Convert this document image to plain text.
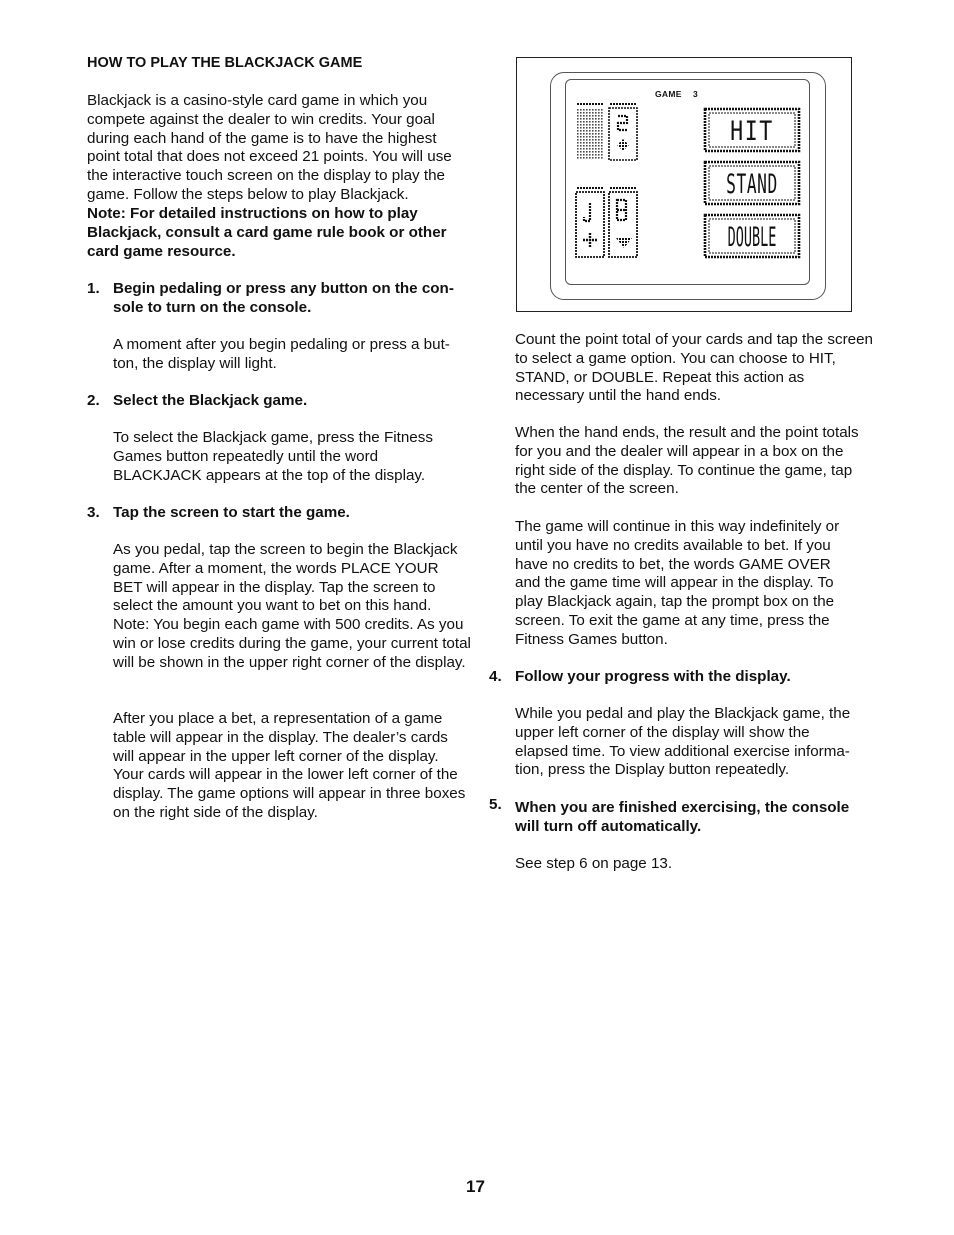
HOW TO PLAY THE BLACKJACK GAME

Blackjack is a casino-style card game in which you compete against the dealer to win credits. Your goal during each hand of the game is to have the highest point total that does not exceed 21 points. You will use the interactive touch screen on the display to play the game. Follow the steps below to play Blackjack.

Note: For detailed instructions on how to play Blackjack, consult a card game rule book or other card game resource.

1. Begin pedaling or press any button on the con- sole to turn on the console.

A moment after you begin pedaling or press a but- ton, the display will light.

2. Select the Blackjack game.

To select the Blackjack game, press the Fitness Games button repeatedly until the word BLACKJACK appears at the top of the display.

3. Tap the screen to start the game.

As you pedal, tap the screen to begin the Blackjack game. After a moment, the words PLACE YOUR BET will appear in the display. Tap the screen to select the amount you want to bet on this hand. Note: You begin each game with 500 credits. As you win or lose credits during the game, your current total will be shown in the upper right corner of the display.

After you place a bet, a representation of a game table will appear in the display. The dealer’s cards will appear in the upper left corner of the display. Your cards will appear in the lower left corner of the display. The game options will appear in three boxes on the right side of the display.

GAME 3
HIT
STAND
DOUBLE

Count the point total of your cards and tap the screen to select a game option. You can choose to HIT, STAND, or DOUBLE. Repeat this action as necessary until the hand ends.

When the hand ends, the result and the point totals for you and the dealer will appear in a box on the right side of the display. To continue the game, tap the center of the screen.

The game will continue in this way indefinitely or until you have no credits available to bet. If you have no credits to bet, the words GAME OVER and the game time will appear in the display. To play Blackjack again, tap the prompt box on the screen. To exit the game at any time, press the Fitness Games button.

4. Follow your progress with the display.

While you pedal and play the Blackjack game, the upper left corner of the display will show the elapsed time. To view additional exercise informa- tion, press the Display button repeatedly.

5. When you are finished exercising, the console will turn off automatically.

See step 6 on page 13.

17
